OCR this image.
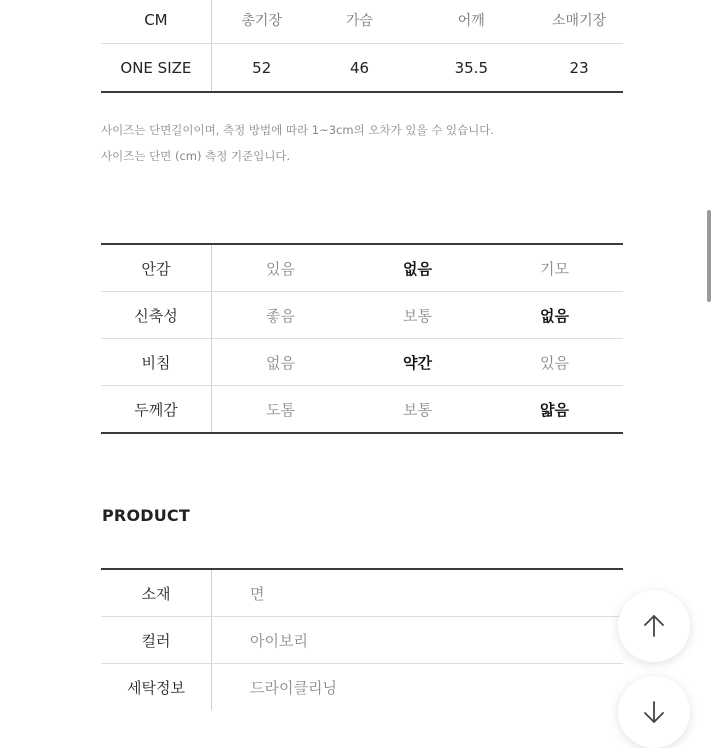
CM	총기장	가슴	어깨	소매기장
ONE SIZE	52	46	35.5	23
사이즈는 단면길이이며, 측정 방법에 따라 1~3cm의 오차가 있을 수 있습니다.
사이즈는 단면 (cm) 측정 기준입니다.
안감	있음	없음	기모
신축성	좋음	보통	없음
비침	없음	약간	있음
두께감	도톰	보통	얇음
PRODUCT
소재	면
컬러	아이보리
세탁정보	드라이클리닝
